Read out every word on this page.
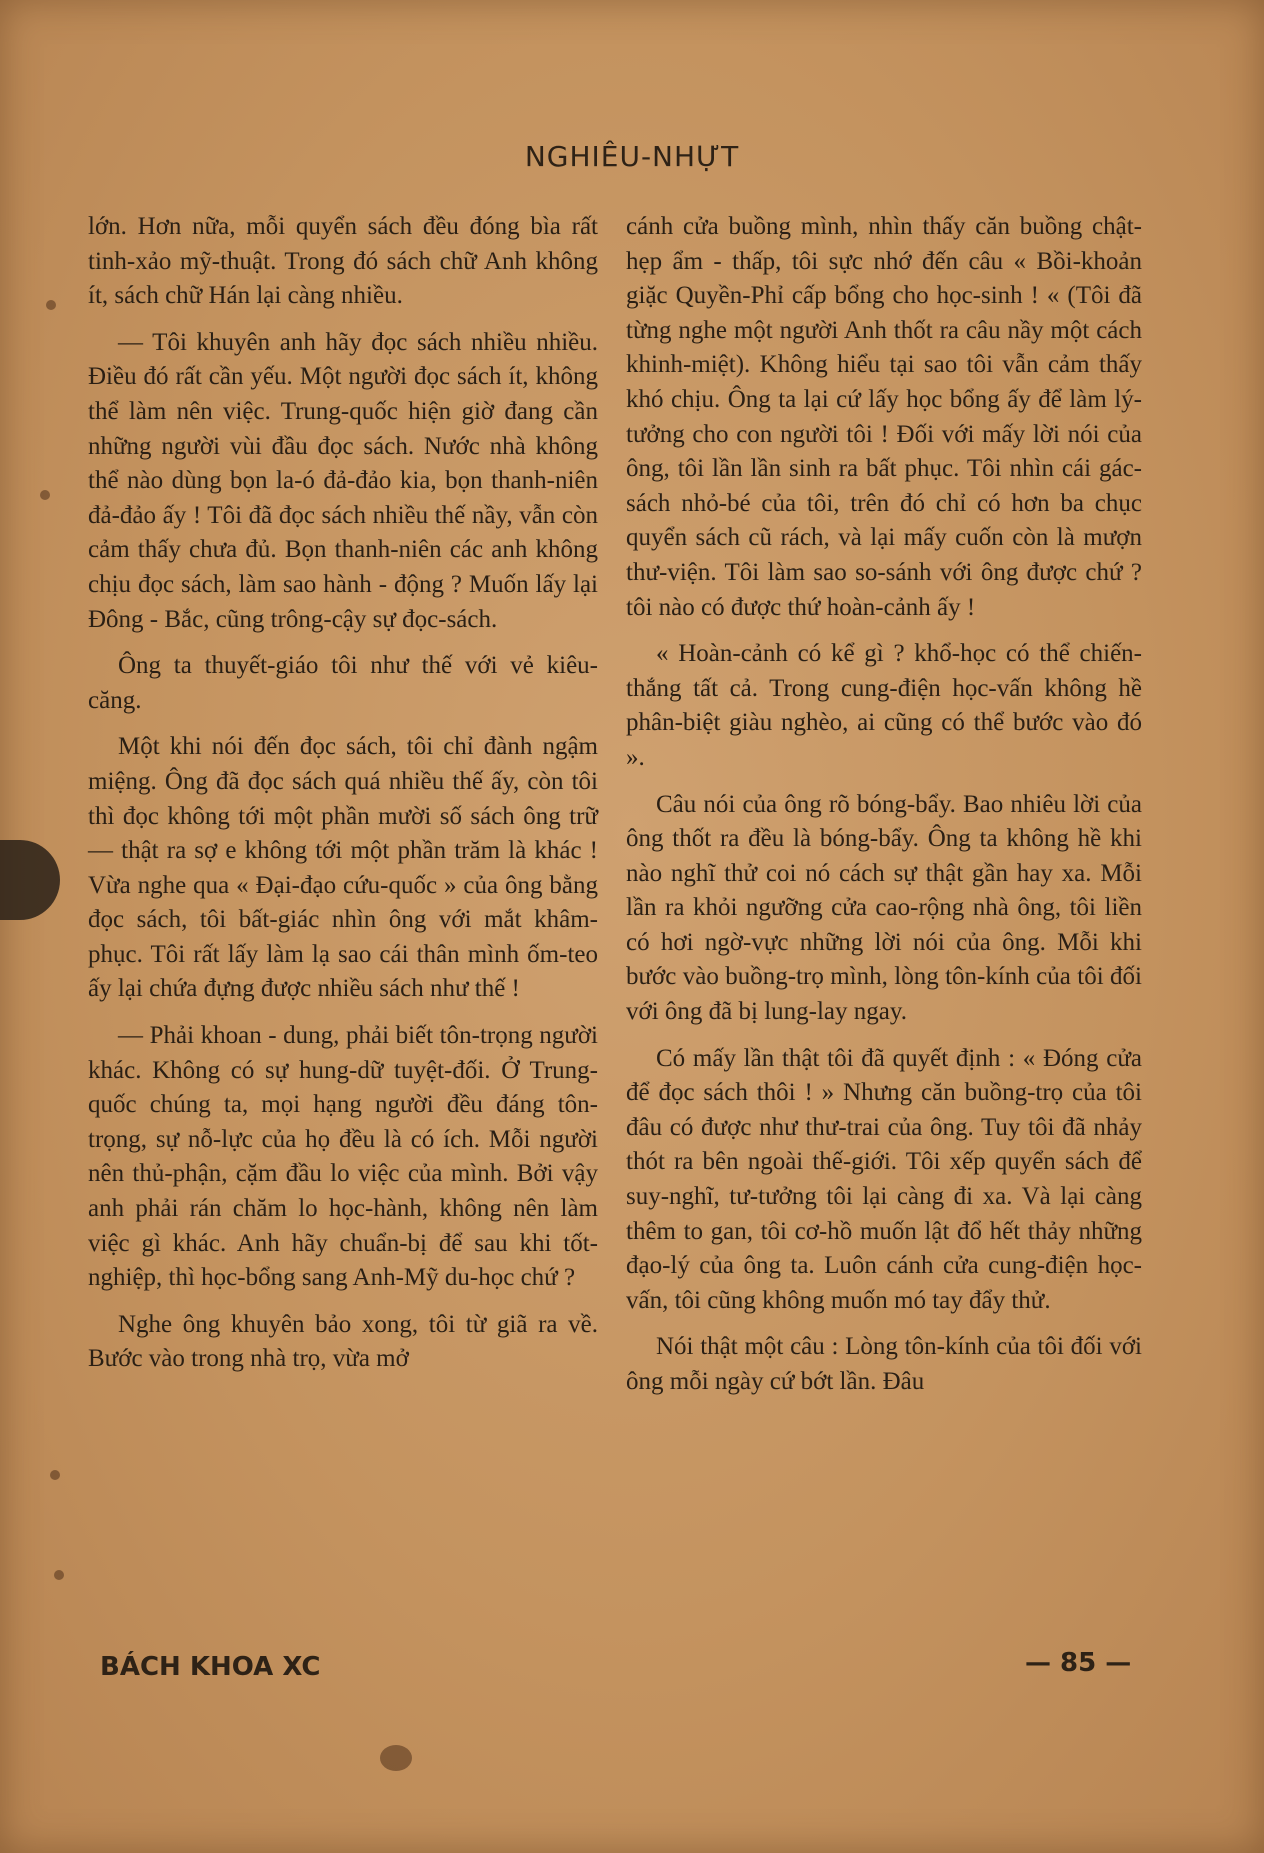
NGHIÊU-NHỰT

lớn. Hơn nữa, mỗi quyển sách đều đóng bìa rất tinh-xảo mỹ-thuật. Trong đó sách chữ Anh không ít, sách chữ Hán lại càng nhiều.

— Tôi khuyên anh hãy đọc sách nhiều nhiều. Điều đó rất cần yếu. Một người đọc sách ít, không thể làm nên việc. Trung-quốc hiện giờ đang cần những người vùi đầu đọc sách. Nước nhà không thể nào dùng bọn la-ó đả-đảo kia, bọn thanh-niên đả-đảo ấy ! Tôi đã đọc sách nhiều thế nầy, vẫn còn cảm thấy chưa đủ. Bọn thanh-niên các anh không chịu đọc sách, làm sao hành - động ? Muốn lấy lại Đông - Bắc, cũng trông-cậy sự đọc-sách.

Ông ta thuyết-giáo tôi như thế với vẻ kiêu-căng.

Một khi nói đến đọc sách, tôi chỉ đành ngậm miệng. Ông đã đọc sách quá nhiều thế ấy, còn tôi thì đọc không tới một phần mười số sách ông trữ — thật ra sợ e không tới một phần trăm là khác ! Vừa nghe qua « Đại-đạo cứu-quốc » của ông bằng đọc sách, tôi bất-giác nhìn ông với mắt khâm-phục. Tôi rất lấy làm lạ sao cái thân mình ốm-teo ấy lại chứa đựng được nhiều sách như thế !

— Phải khoan - dung, phải biết tôn-trọng người khác. Không có sự hung-dữ tuyệt-đối. Ở Trung-quốc chúng ta, mọi hạng người đều đáng tôn-trọng, sự nỗ-lực của họ đều là có ích. Mỗi người nên thủ-phận, cặm đầu lo việc của mình. Bởi vậy anh phải rán chăm lo học-hành, không nên làm việc gì khác. Anh hãy chuẩn-bị để sau khi tốt-nghiệp, thì học-bổng sang Anh-Mỹ du-học chứ ?

Nghe ông khuyên bảo xong, tôi từ giã ra về. Bước vào trong nhà trọ, vừa mở

cánh cửa buồng mình, nhìn thấy căn buồng chật-hẹp ẩm - thấp, tôi sực nhớ đến câu « Bồi-khoản giặc Quyền-Phỉ cấp bổng cho học-sinh ! « (Tôi đã từng nghe một người Anh thốt ra câu nầy một cách khinh-miệt). Không hiểu tại sao tôi vẫn cảm thấy khó chịu. Ông ta lại cứ lấy học bổng ấy để làm lý-tưởng cho con người tôi ! Đối với mấy lời nói của ông, tôi lần lần sinh ra bất phục. Tôi nhìn cái gác-sách nhỏ-bé của tôi, trên đó chỉ có hơn ba chục quyển sách cũ rách, và lại mấy cuốn còn là mượn thư-viện. Tôi làm sao so-sánh với ông được chứ ? tôi nào có được thứ hoàn-cảnh ấy !

« Hoàn-cảnh có kể gì ? khổ-học có thể chiến-thắng tất cả. Trong cung-điện học-vấn không hề phân-biệt giàu nghèo, ai cũng có thể bước vào đó ».

Câu nói của ông rõ bóng-bẩy. Bao nhiêu lời của ông thốt ra đều là bóng-bẩy. Ông ta không hề khi nào nghĩ thử coi nó cách sự thật gần hay xa. Mỗi lần ra khỏi ngưỡng cửa cao-rộng nhà ông, tôi liền có hơi ngờ-vực những lời nói của ông. Mỗi khi bước vào buồng-trọ mình, lòng tôn-kính của tôi đối với ông đã bị lung-lay ngay.

Có mấy lần thật tôi đã quyết định : « Đóng cửa để đọc sách thôi ! » Nhưng căn buồng-trọ của tôi đâu có được như thư-trai của ông. Tuy tôi đã nhảy thót ra bên ngoài thế-giới. Tôi xếp quyển sách để suy-nghĩ, tư-tưởng tôi lại càng đi xa. Và lại càng thêm to gan, tôi cơ-hồ muốn lật đổ hết thảy những đạo-lý của ông ta. Luôn cánh cửa cung-điện học-vấn, tôi cũng không muốn mó tay đẩy thử.

Nói thật một câu : Lòng tôn-kính của tôi đối với ông mỗi ngày cứ bớt lần. Đâu

BÁCH KHOA XC	— 85 —
